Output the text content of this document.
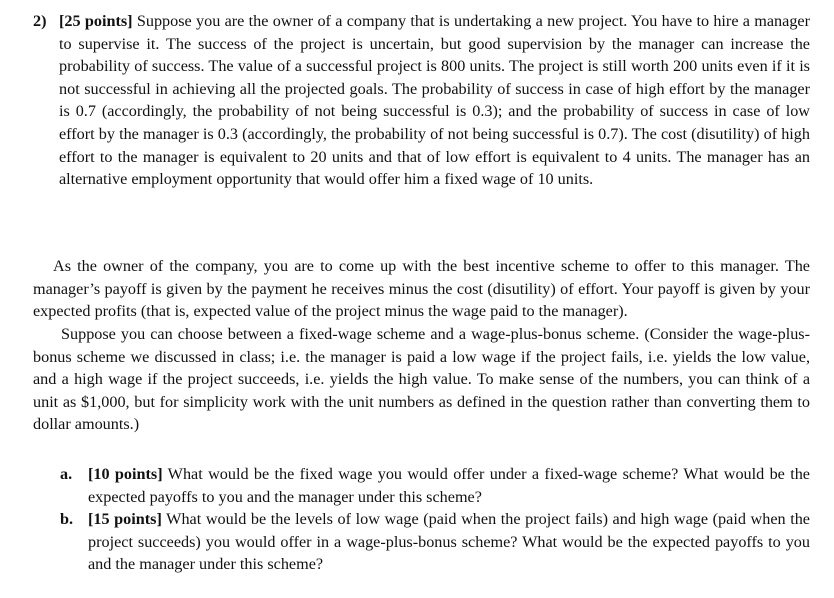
2) [25 points] Suppose you are the owner of a company that is undertaking a new project. You have to hire a manager to supervise it. The success of the project is uncertain, but good supervision by the manager can increase the probability of success. The value of a successful project is 800 units. The project is still worth 200 units even if it is not successful in achieving all the projected goals. The probability of success in case of high effort by the manager is 0.7 (accordingly, the probability of not being successful is 0.3); and the probability of success in case of low effort by the manager is 0.3 (accordingly, the probability of not being successful is 0.7). The cost (disutility) of high effort to the manager is equivalent to 20 units and that of low effort is equivalent to 4 units. The manager has an alternative employment opportunity that would offer him a fixed wage of 10 units.

As the owner of the company, you are to come up with the best incentive scheme to offer to this manager. The manager’s payoff is given by the payment he receives minus the cost (disutility) of effort. Your payoff is given by your expected profits (that is, expected value of the project minus the wage paid to the manager).

Suppose you can choose between a fixed-wage scheme and a wage-plus-bonus scheme. (Consider the wage-plus-bonus scheme we discussed in class; i.e. the manager is paid a low wage if the project fails, i.e. yields the low value, and a high wage if the project succeeds, i.e. yields the high value. To make sense of the numbers, you can think of a unit as $1,000, but for simplicity work with the unit numbers as defined in the question rather than converting them to dollar amounts.)

a. [10 points] What would be the fixed wage you would offer under a fixed-wage scheme? What would be the expected payoffs to you and the manager under this scheme?

b. [15 points] What would be the levels of low wage (paid when the project fails) and high wage (paid when the project succeeds) you would offer in a wage-plus-bonus scheme? What would be the expected payoffs to you and the manager under this scheme?
